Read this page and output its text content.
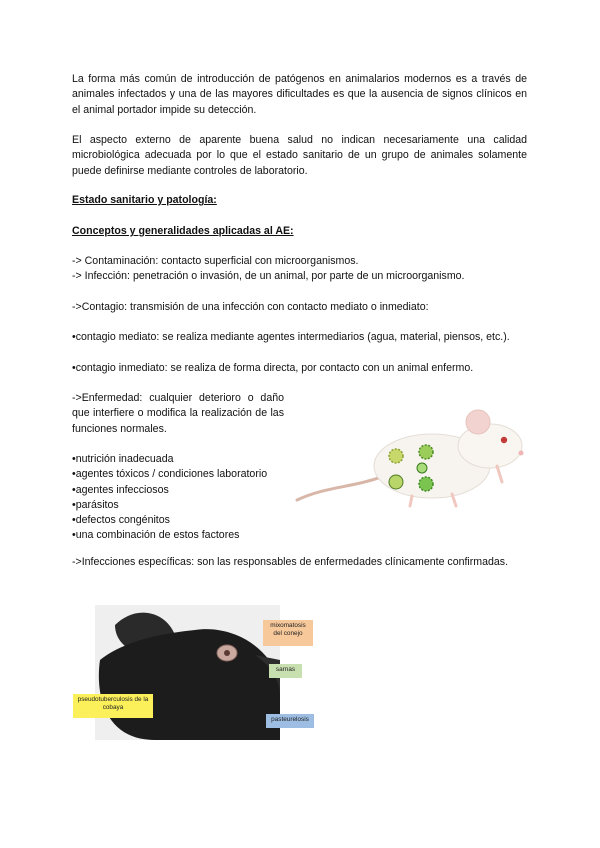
La forma más común de introducción de patógenos en animalarios modernos es a través de animales infectados y una de las mayores dificultades es que la ausencia de signos clínicos en el animal portador impide su detección.

El aspecto externo de aparente buena salud no indican necesariamente una calidad microbiológica adecuada por lo que el estado sanitario de un grupo de animales solamente puede definirse mediante controles de laboratorio.

Estado sanitario y patología:

Conceptos y generalidades aplicadas al AE:

-> Contaminación: contacto superficial con microorganismos.

-> Infección: penetración o invasión, de un animal, por parte de un microorganismo.

->Contagio: transmisión de una infección con contacto mediato o inmediato:

•contagio mediato: se realiza mediante agentes intermediarios (agua, material, piensos, etc.).

•contagio inmediato: se realiza de forma directa, por contacto con un animal enfermo.

->Enfermedad: cualquier deterioro o daño que interfiere o modifica la realización de las funciones normales.

•nutrición inadecuada
•agentes tóxicos / condiciones laboratorio
•agentes infecciosos
•parásitos
•defectos congénitos
•una combinación de estos factores

->Infecciones específicas: son las responsables de enfermedades clínicamente confirmadas.

mixomatosis del conejo
sarnas
pseudotuberculosis de la cobaya
pasteurelosis
